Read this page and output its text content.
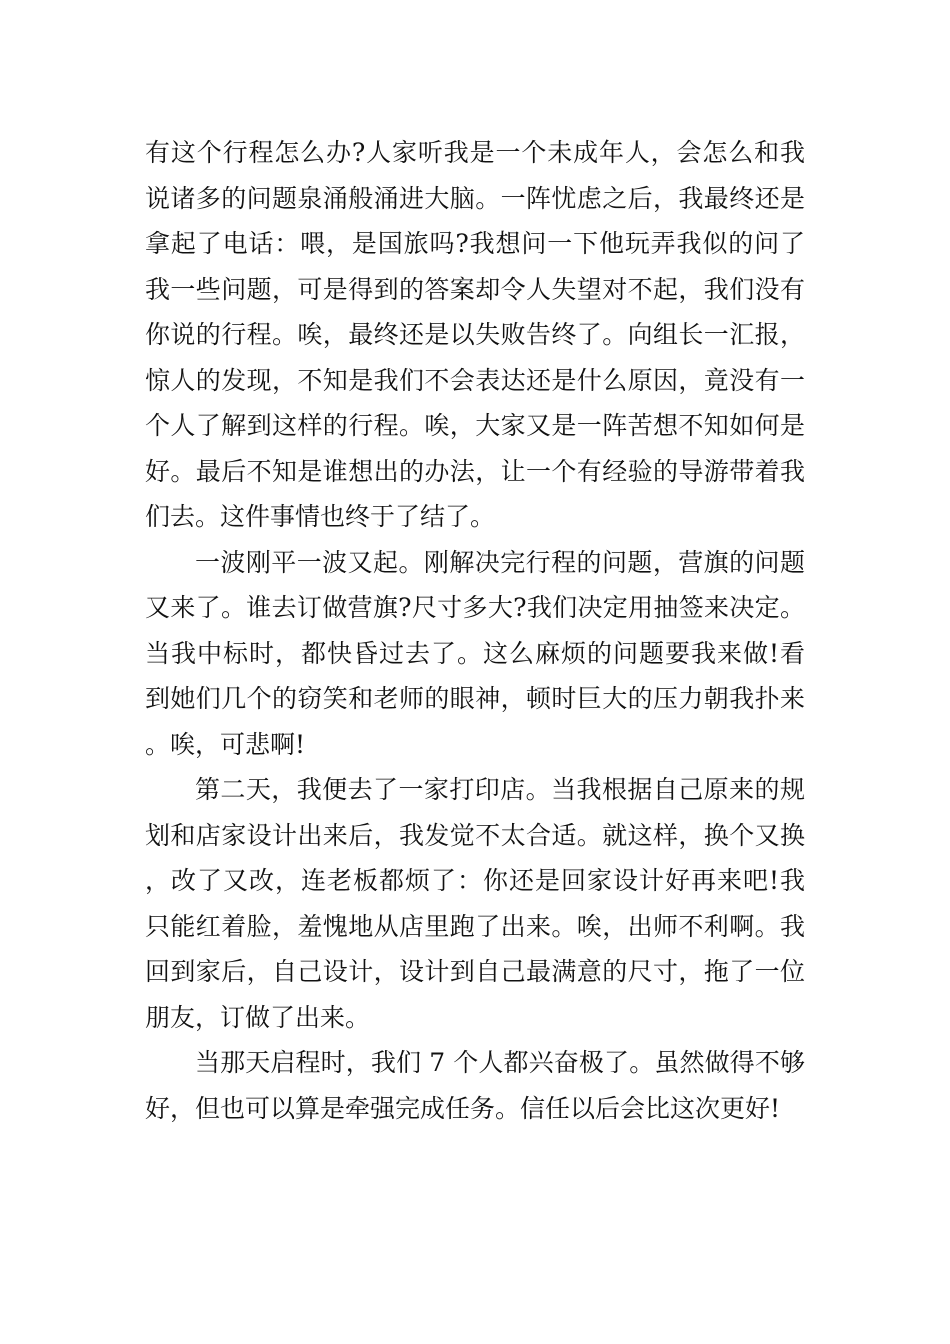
有这个行程怎么办?人家听我是一个未成年人，会怎么和我说诸多的问题泉涌般涌进大脑。一阵忧虑之后，我最终还是拿起了电话：喂，是国旅吗?我想问一下他玩弄我似的问了我一些问题，可是得到的答案却令人失望对不起，我们没有你说的行程。唉，最终还是以失败告终了。向组长一汇报，惊人的发现，不知是我们不会表达还是什么原因，竟没有一个人了解到这样的行程。唉，大家又是一阵苦想不知如何是好。最后不知是谁想出的办法，让一个有经验的导游带着我们去。这件事情也终于了结了。

一波刚平一波又起。刚解决完行程的问题，营旗的问题又来了。谁去订做营旗?尺寸多大?我们决定用抽签来决定。当我中标时，都快昏过去了。这么麻烦的问题要我来做!看到她们几个的窃笑和老师的眼神，顿时巨大的压力朝我扑来。唉，可悲啊!

第二天，我便去了一家打印店。当我根据自己原来的规划和店家设计出来后，我发觉不太合适。就这样，换个又换，改了又改，连老板都烦了：你还是回家设计好再来吧!我只能红着脸，羞愧地从店里跑了出来。唉，出师不利啊。我回到家后，自己设计，设计到自己最满意的尺寸，拖了一位朋友，订做了出来。

当那天启程时，我们 7 个人都兴奋极了。虽然做得不够好，但也可以算是牵强完成任务。信任以后会比这次更好!
